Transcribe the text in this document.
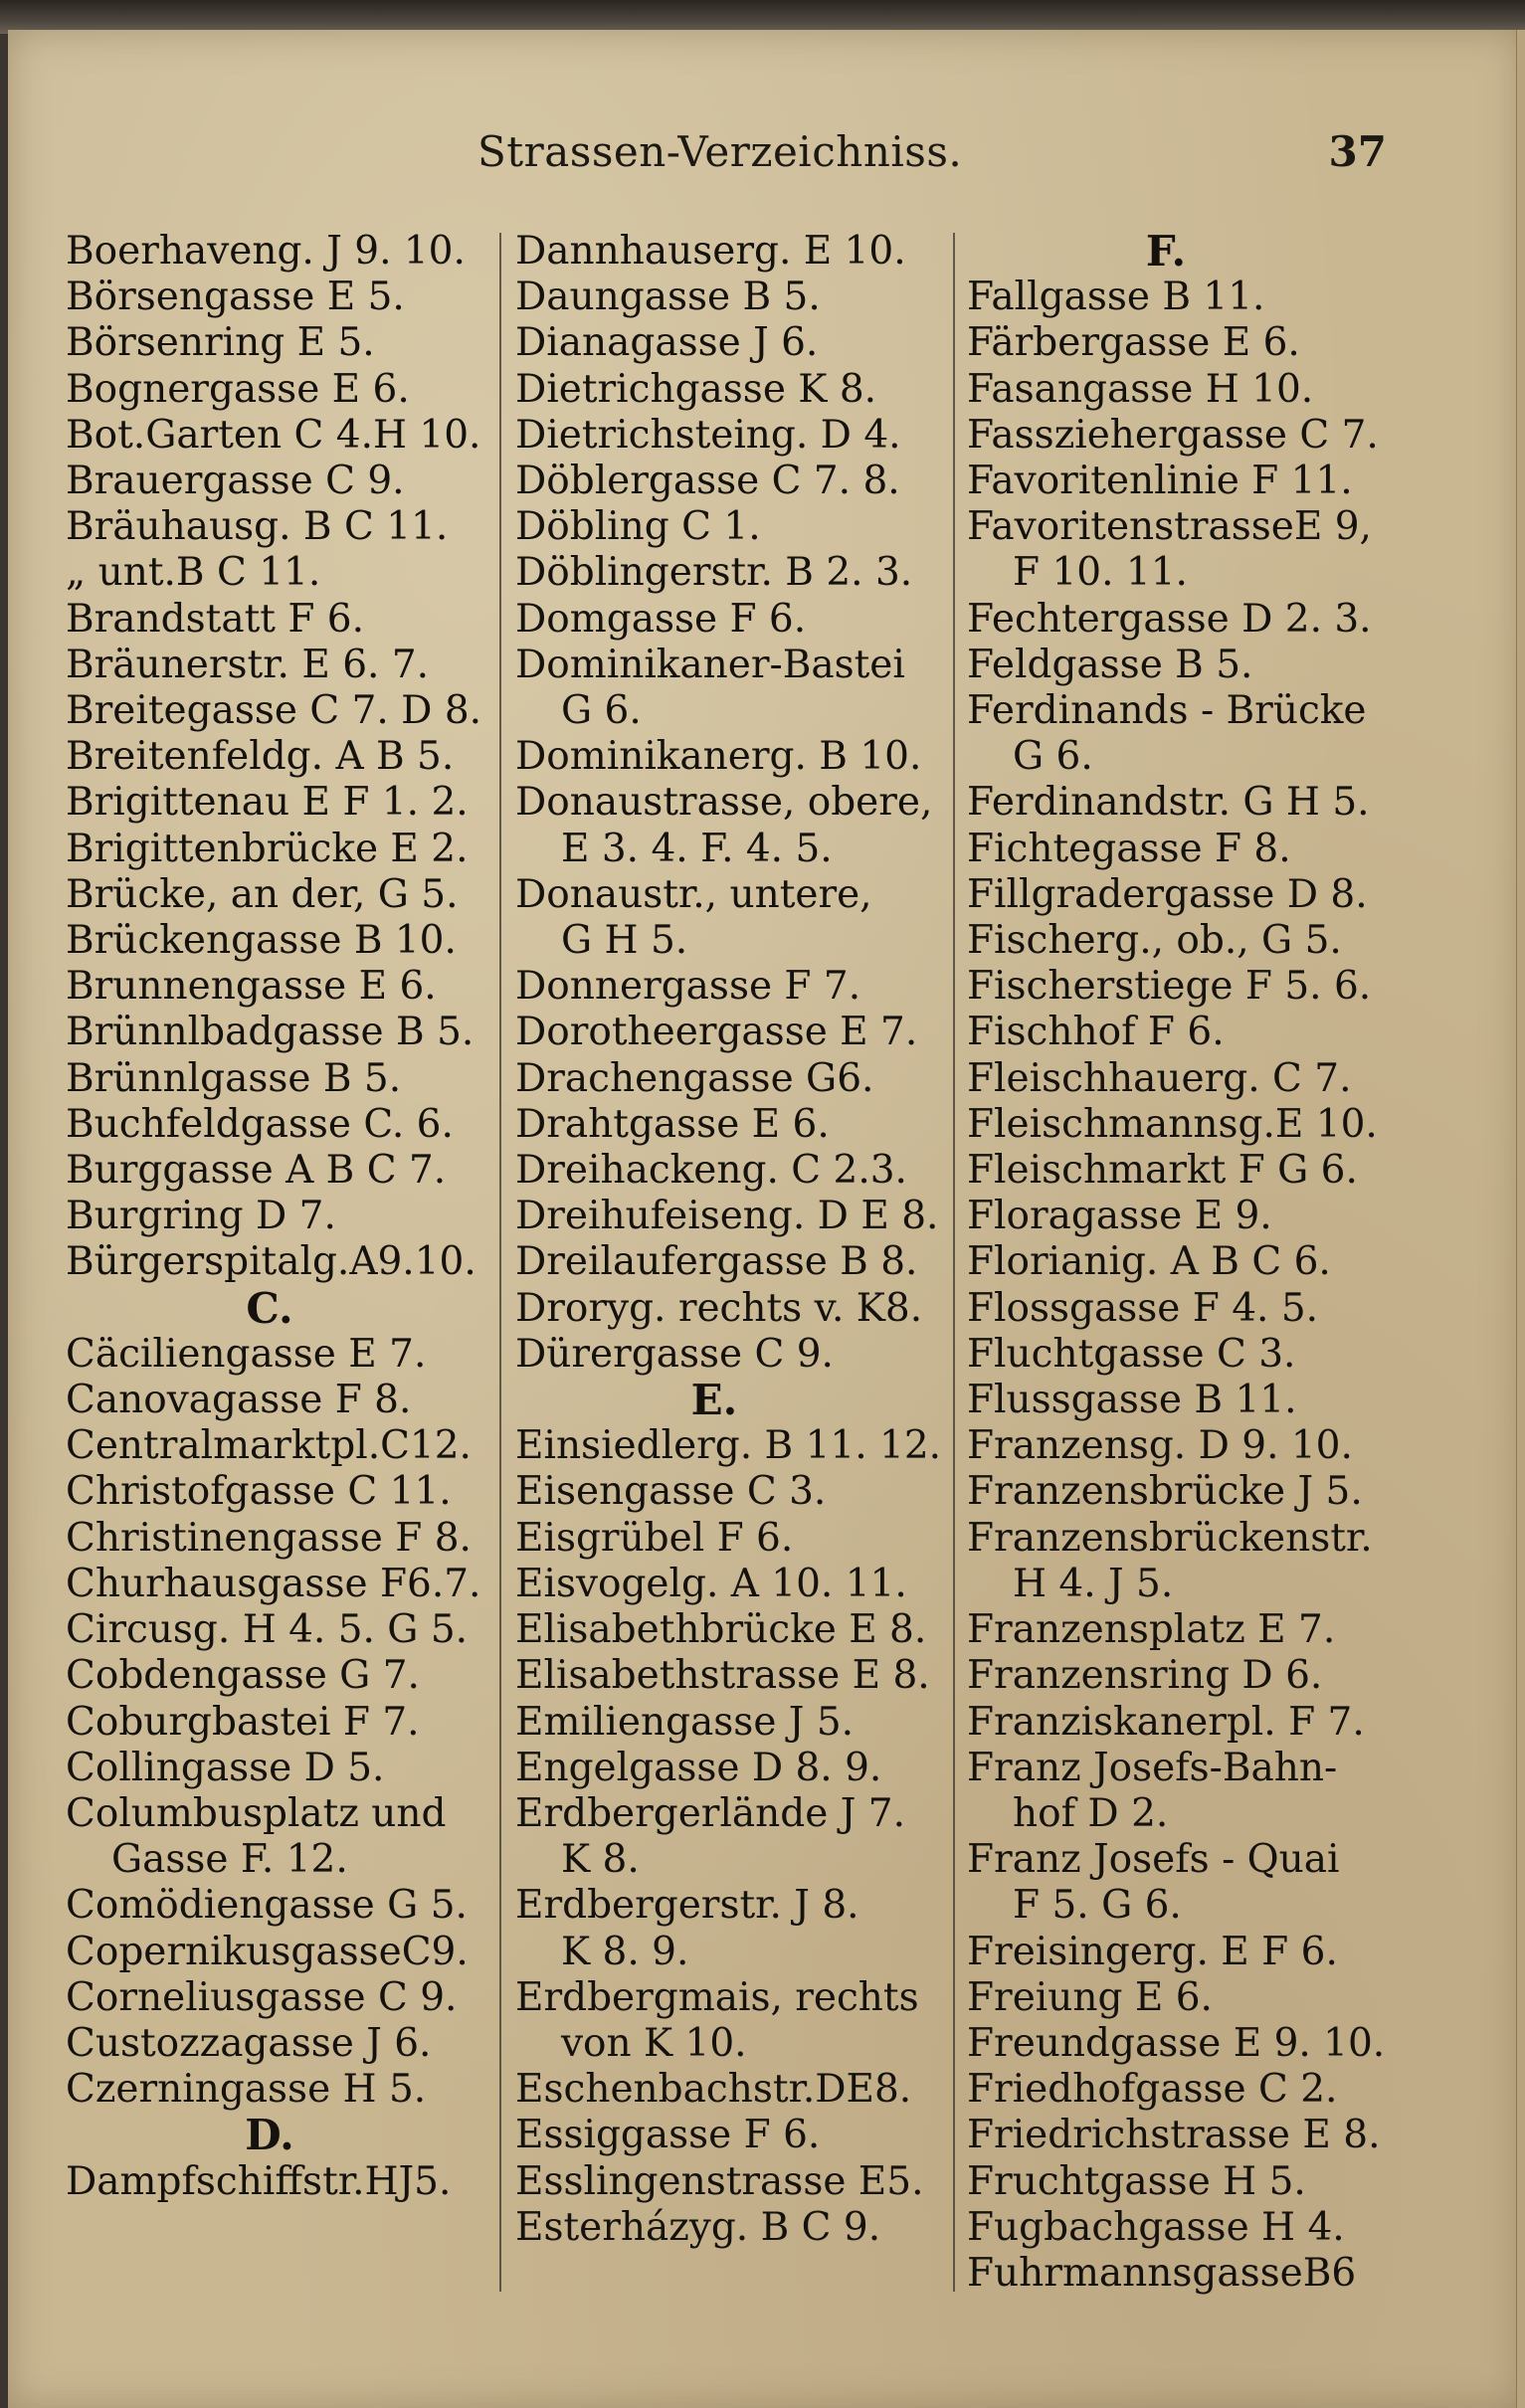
Strassen-Verzeichniss.	37
Boerhaveng. J 9. 10.
Börsengasse E 5.
Börsenring E 5.
Bognergasse E 6.
Bot.Garten C 4.H 10.
Brauergasse C 9.
Bräuhausg. B C 11.
„ unt.B C 11.
Brandstatt F 6.
Bräunerstr. E 6. 7.
Breitegasse C 7. D 8.
Breitenfeldg. A B 5.
Brigittenau E F 1. 2.
Brigittenbrücke E 2.
Brücke, an der, G 5.
Brückengasse B 10.
Brunnengasse E 6.
Brünnlbadgasse B 5.
Brünnlgasse B 5.
Buchfeldgasse C. 6.
Burggasse A B C 7.
Burgring D 7.
Bürgerspitalg.A9.10.
C.
Cäciliengasse E 7.
Canovagasse F 8.
Centralmarktpl.C12.
Christofgasse C 11.
Christinengasse F 8.
Churhausgasse F6.7.
Circusg. H 4. 5. G 5.
Cobdengasse G 7.
Coburgbastei F 7.
Collingasse D 5.
Columbusplatz und
Gasse F. 12.
Comödiengasse G 5.
CopernikusgasseC9.
Corneliusgasse C 9.
Custozzagasse J 6.
Czerningasse H 5.
D.
Dampfschiffstr.HJ5.
Dannhauserg. E 10.
Daungasse B 5.
Dianagasse J 6.
Dietrichgasse K 8.
Dietrichsteing. D 4.
Döblergasse C 7. 8.
Döbling C 1.
Döblingerstr. B 2. 3.
Domgasse F 6.
Dominikaner-Bastei
G 6.
Dominikanerg. B 10.
Donaustrasse, obere,
E 3. 4. F. 4. 5.
Donaustr., untere,
G H 5.
Donnergasse F 7.
Dorotheergasse E 7.
Drachengasse G6.
Drahtgasse E 6.
Dreihackeng. C 2.3.
Dreihufeiseng. D E 8.
Dreilaufergasse B 8.
Droryg. rechts v. K8.
Dürergasse C 9.
E.
Einsiedlerg. B 11. 12.
Eisengasse C 3.
Eisgrübel F 6.
Eisvogelg. A 10. 11.
Elisabethbrücke E 8.
Elisabethstrasse E 8.
Emiliengasse J 5.
Engelgasse D 8. 9.
Erdbergerlände J 7.
K 8.
Erdbergerstr. J 8.
K 8. 9.
Erdbergmais, rechts
von K 10.
Eschenbachstr.DE8.
Essiggasse F 6.
Esslingenstrasse E5.
Esterházyg. B C 9.
F.
Fallgasse B 11.
Färbergasse E 6.
Fasangasse H 10.
Fassziehergasse C 7.
Favoritenlinie F 11.
FavoritenstrasseE 9,
F 10. 11.
Fechtergasse D 2. 3.
Feldgasse B 5.
Ferdinands - Brücke
G 6.
Ferdinandstr. G H 5.
Fichtegasse F 8.
Fillgradergasse D 8.
Fischerg., ob., G 5.
Fischerstiege F 5. 6.
Fischhof F 6.
Fleischhauerg. C 7.
Fleischmannsg.E 10.
Fleischmarkt F G 6.
Floragasse E 9.
Florianig. A B C 6.
Flossgasse F 4. 5.
Fluchtgasse C 3.
Flussgasse B 11.
Franzensg. D 9. 10.
Franzensbrücke J 5.
Franzensbrückenstr.
H 4. J 5.
Franzensplatz E 7.
Franzensring D 6.
Franziskanerpl. F 7.
Franz Josefs-Bahn-
hof D 2.
Franz Josefs - Quai
F 5. G 6.
Freisingerg. E F 6.
Freiung E 6.
Freundgasse E 9. 10.
Friedhofgasse C 2.
Friedrichstrasse E 8.
Fruchtgasse H 5.
Fugbachgasse H 4.
FuhrmannsgasseB6
